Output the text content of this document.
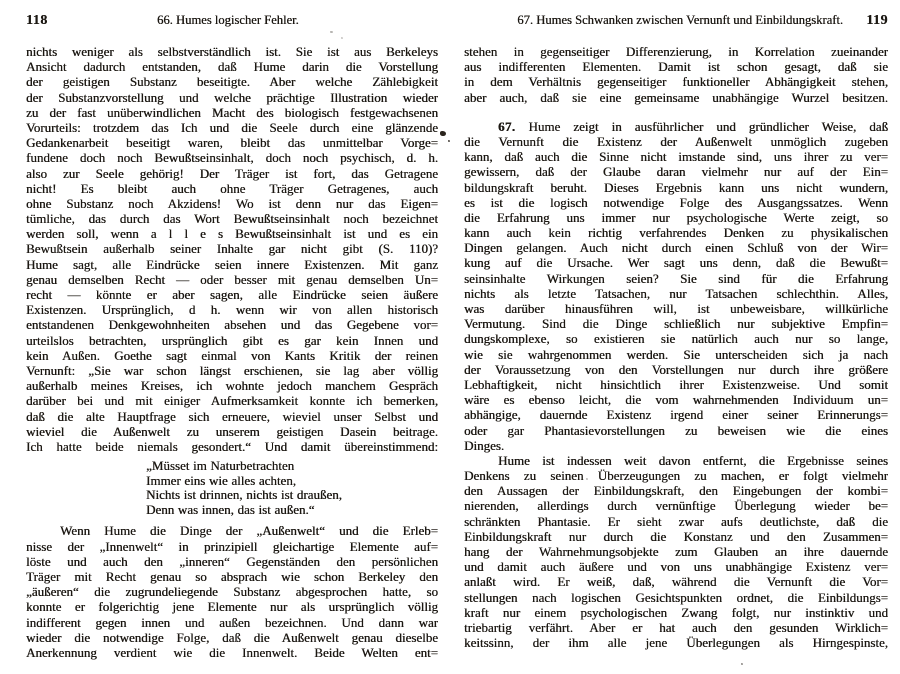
118	66. Humes logischer Fehler.
nichts weniger als selbstverständlich ist. Sie ist aus Berkeleys
Ansicht dadurch entstanden, daß Hume darin die Vorstellung
der geistigen Substanz beseitigte. Aber welche Zählebigkeit
der Substanzvorstellung und welche prächtige Illustration wieder
zu der fast unüberwindlichen Macht des biologisch festgewachsenen
Vorurteils: trotzdem das Ich und die Seele durch eine glänzende
Gedankenarbeit beseitigt waren, bleibt das unmittelbar Vorge=
fundene doch noch Bewußtseinsinhalt, doch noch psychisch, d. h.
also zur Seele gehörig! Der Träger ist fort, das Getragene
nicht! Es bleibt auch ohne Träger Getragenes, auch
ohne Substanz noch Akzidens! Wo ist denn nur das Eigen=
tümliche, das durch das Wort Bewußtseinsinhalt noch bezeichnet
werden soll, wenn a l l e s Bewußtseinsinhalt ist und es ein
Bewußtsein außerhalb seiner Inhalte gar nicht gibt (S. 110)?
Hume sagt, alle Eindrücke seien innere Existenzen. Mit ganz
genau demselben Recht — oder besser mit genau demselben Un=
recht — könnte er aber sagen, alle Eindrücke seien äußere
Existenzen. Ursprünglich, d h. wenn wir von allen historisch
entstandenen Denkgewohnheiten absehen und das Gegebene vor=
urteilslos betrachten, ursprünglich gibt es gar kein Innen und
kein Außen. Goethe sagt einmal von Kants Kritik der reinen
Vernunft: „Sie war schon längst erschienen, sie lag aber völlig
außerhalb meines Kreises, ich wohnte jedoch manchem Gespräch
darüber bei und mit einiger Aufmerksamkeit konnte ich bemerken,
daß die alte Hauptfrage sich erneuere, wieviel unser Selbst und
wieviel die Außenwelt zu unserem geistigen Dasein beitrage.
Ich hatte beide niemals gesondert.“ Und damit übereinstimmend:
„Müsset im Naturbetrachten
Immer eins wie alles achten,
Nichts ist drinnen, nichts ist draußen,
Denn was innen, das ist außen.“
Wenn Hume die Dinge der „Außenwelt“ und die Erleb=
nisse der „Innenwelt“ in prinzipiell gleichartige Elemente auf=
löste und auch den „inneren“ Gegenständen den persönlichen
Träger mit Recht genau so absprach wie schon Berkeley den
„äußeren“ die zugrundeliegende Substanz abgesprochen hatte, so
konnte er folgerichtig jene Elemente nur als ursprünglich völlig
indifferent gegen innen und außen bezeichnen. Und dann war
wieder die notwendige Folge, daß die Außenwelt genau dieselbe
Anerkennung verdient wie die Innenwelt. Beide Welten ent=
67. Humes Schwanken zwischen Vernunft und Einbildungskraft.	119
stehen in gegenseitiger Differenzierung, in Korrelation zueinander
aus indifferenten Elementen. Damit ist schon gesagt, daß sie
in dem Verhältnis gegenseitiger funktioneller Abhängigkeit stehen,
aber auch, daß sie eine gemeinsame unabhängige Wurzel besitzen.
67. Hume zeigt in ausführlicher und gründlicher Weise, daß
die Vernunft die Existenz der Außenwelt unmöglich zugeben
kann, daß auch die Sinne nicht imstande sind, uns ihrer zu ver=
gewissern, daß der Glaube daran vielmehr nur auf der Ein=
bildungskraft beruht. Dieses Ergebnis kann uns nicht wundern,
es ist die logisch notwendige Folge des Ausgangssatzes. Wenn
die Erfahrung uns immer nur psychologische Werte zeigt, so
kann auch kein richtig verfahrendes Denken zu physikalischen
Dingen gelangen. Auch nicht durch einen Schluß von der Wir=
kung auf die Ursache. Wer sagt uns denn, daß die Bewußt=
seinsinhalte Wirkungen seien? Sie sind für die Erfahrung
nichts als letzte Tatsachen, nur Tatsachen schlechthin. Alles,
was darüber hinausführen will, ist unbeweisbare, willkürliche
Vermutung. Sind die Dinge schließlich nur subjektive Empfin=
dungskomplexe, so existieren sie natürlich auch nur so lange,
wie sie wahrgenommen werden. Sie unterscheiden sich ja nach
der Voraussetzung von den Vorstellungen nur durch ihre größere
Lebhaftigkeit, nicht hinsichtlich ihrer Existenzweise. Und somit
wäre es ebenso leicht, die vom wahrnehmenden Individuum un=
abhängige, dauernde Existenz irgend einer seiner Erinnerungs=
oder gar Phantasievorstellungen zu beweisen wie die eines
Dinges.
Hume ist indessen weit davon entfernt, die Ergebnisse seines
Denkens zu seinen Überzeugungen zu machen, er folgt vielmehr
den Aussagen der Einbildungskraft, den Eingebungen der kombi=
nierenden, allerdings durch vernünftige Überlegung wieder be=
schränkten Phantasie. Er sieht zwar aufs deutlichste, daß die
Einbildungskraft nur durch die Konstanz und den Zusammen=
hang der Wahrnehmungsobjekte zum Glauben an ihre dauernde
und damit auch äußere und von uns unabhängige Existenz ver=
anlaßt wird. Er weiß, daß, während die Vernunft die Vor=
stellungen nach logischen Gesichtspunkten ordnet, die Einbildungs=
kraft nur einem psychologischen Zwang folgt, nur instinktiv und
triebartig verfährt. Aber er hat auch den gesunden Wirklich=
keitssinn, der ihm alle jene Überlegungen als Hirngespinste,
